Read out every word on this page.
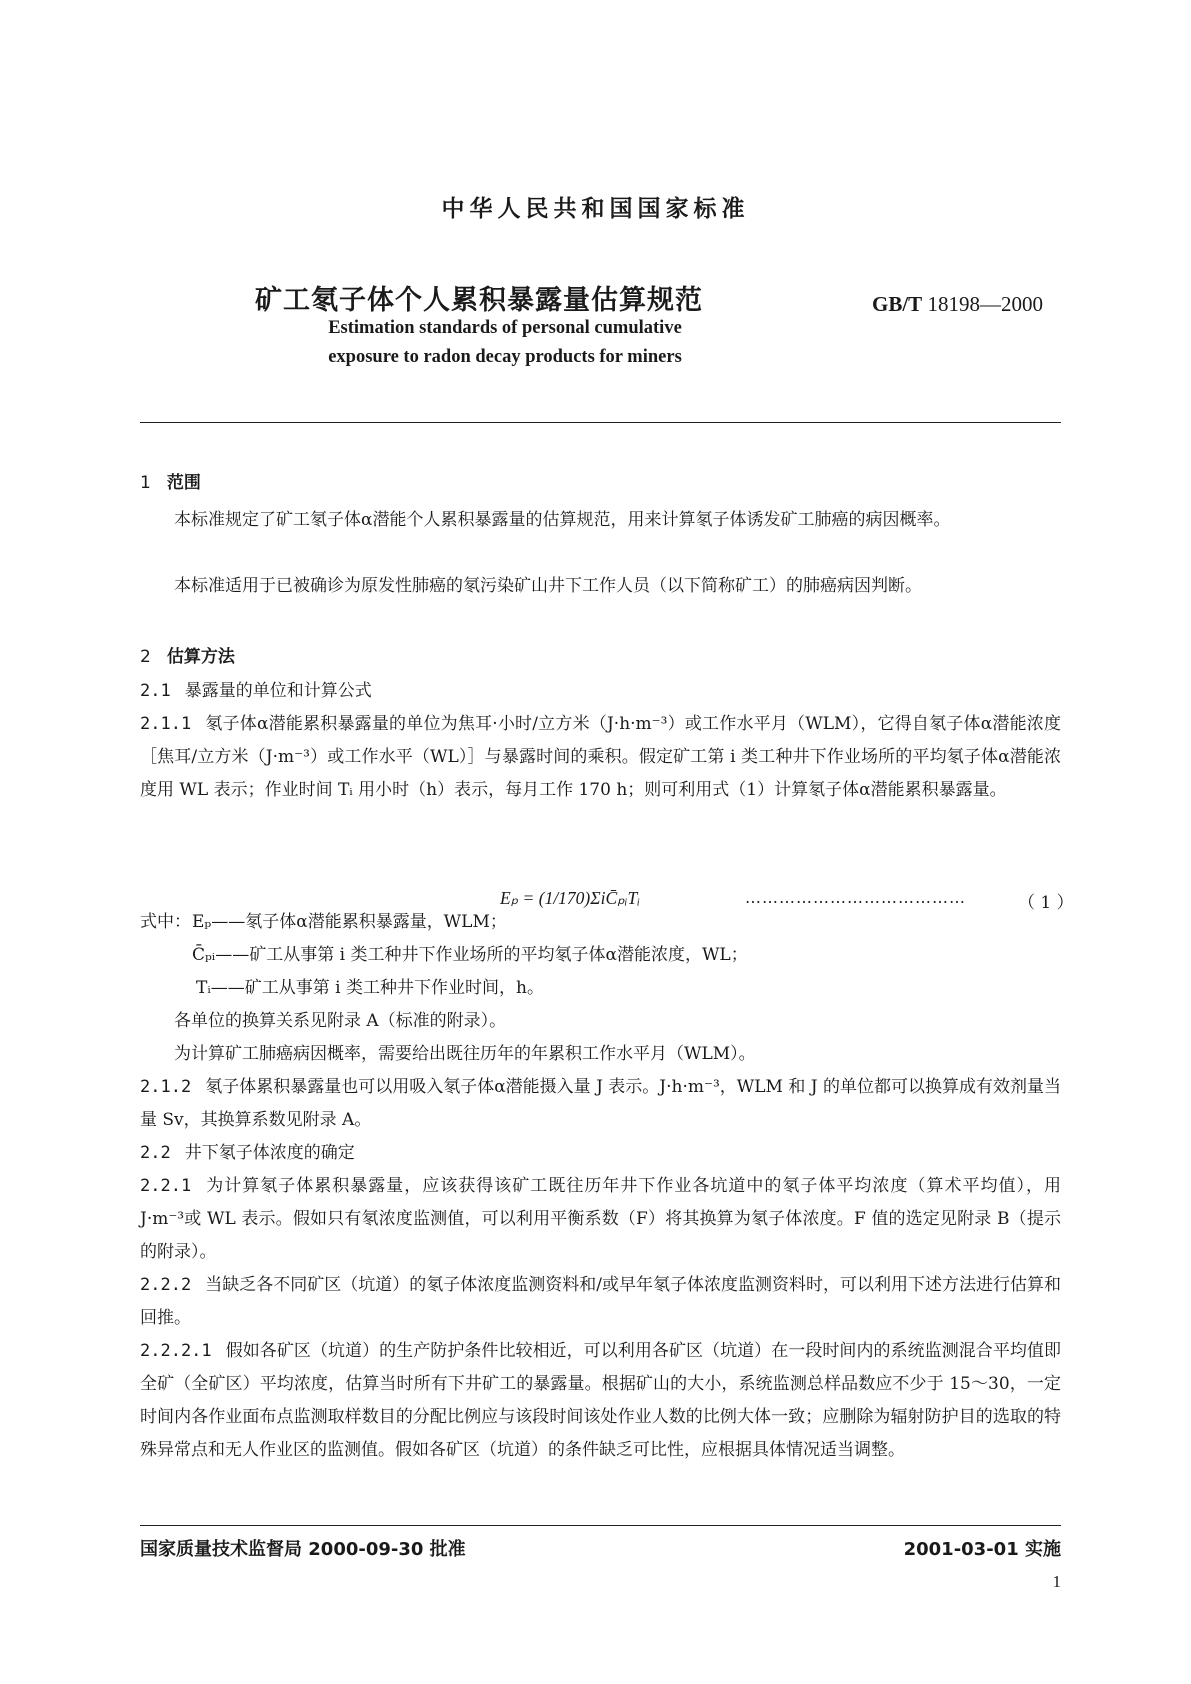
中华人民共和国国家标准
矿工氡子体个人累积暴露量估算规范	GB/T 18198—2000
Estimation standards of personal cumulative
exposure to radon decay products for miners
1 范围
本标准规定了矿工氡子体α潜能个人累积暴露量的估算规范，用来计算氡子体诱发矿工肺癌的病因概率。
本标准适用于已被确诊为原发性肺癌的氡污染矿山井下工作人员（以下简称矿工）的肺癌病因判断。
2 估算方法
2.1 暴露量的单位和计算公式
2.1.1 氡子体α潜能累积暴露量的单位为焦耳·小时/立方米（J·h·m⁻³）或工作水平月（WLM），它得自氡子体α潜能浓度［焦耳/立方米（J·m⁻³）或工作水平（WL）］与暴露时间的乘积。假定矿工第 i 类工种井下作业场所的平均氡子体α潜能浓度用 WL 表示；作业时间 Tᵢ 用小时（h）表示，每月工作 170 h；则可利用式（1）计算氡子体α潜能累积暴露量。
Eₚ = (1/170)ΣiC̄ₚᵢTᵢ	…………………………………	（ 1 ）
式中： Eₚ——氡子体α潜能累积暴露量，WLM；
C̄ₚᵢ——矿工从事第 i 类工种井下作业场所的平均氡子体α潜能浓度，WL；
Tᵢ——矿工从事第 i 类工种井下作业时间，h。
各单位的换算关系见附录 A（标准的附录）。
为计算矿工肺癌病因概率，需要给出既往历年的年累积工作水平月（WLM）。
2.1.2 氡子体累积暴露量也可以用吸入氡子体α潜能摄入量 J 表示。J·h·m⁻³，WLM 和 J 的单位都可以换算成有效剂量当量 Sv，其换算系数见附录 A。
2.2 井下氡子体浓度的确定
2.2.1 为计算氡子体累积暴露量，应该获得该矿工既往历年井下作业各坑道中的氡子体平均浓度（算术平均值），用 J·m⁻³或 WL 表示。假如只有氡浓度监测值，可以利用平衡系数（F）将其换算为氡子体浓度。F 值的选定见附录 B（提示的附录）。
2.2.2 当缺乏各不同矿区（坑道）的氡子体浓度监测资料和/或早年氡子体浓度监测资料时，可以利用下述方法进行估算和回推。
2.2.2.1 假如各矿区（坑道）的生产防护条件比较相近，可以利用各矿区（坑道）在一段时间内的系统监测混合平均值即全矿（全矿区）平均浓度，估算当时所有下井矿工的暴露量。根据矿山的大小，系统监测总样品数应不少于 15～30，一定时间内各作业面布点监测取样数目的分配比例应与该段时间该处作业人数的比例大体一致；应删除为辐射防护目的选取的特殊异常点和无人作业区的监测值。假如各矿区（坑道）的条件缺乏可比性，应根据具体情况适当调整。
国家质量技术监督局 2000-09-30 批准	2001-03-01 实施
1
